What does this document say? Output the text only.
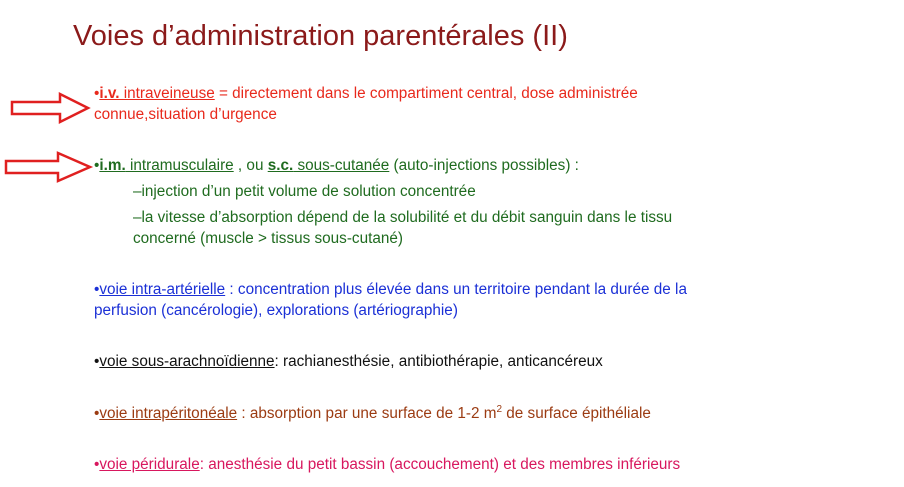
Voies d’administration parentérales (II)
•i.v. intraveineuse = directement dans le compartiment central, dose administrée
connue,situation d’urgence
•i.m. intramusculaire , ou s.c. sous-cutanée (auto-injections possibles) :
–injection d’un petit volume de solution concentrée
–la vitesse d’absorption dépend de la solubilité et du débit sanguin dans le tissu
concerné (muscle > tissus sous-cutané)
•voie intra-artérielle : concentration plus élevée dans un territoire pendant la durée de la
perfusion (cancérologie), explorations (artériographie)
•voie sous-arachnoïdienne: rachianesthésie, antibiothérapie, anticancéreux
•voie intrapéritonéale : absorption par une surface de 1-2 $m^2$ de surface épithéliale
•voie péridurale: anesthésie du petit bassin (accouchement) et des membres inférieurs
